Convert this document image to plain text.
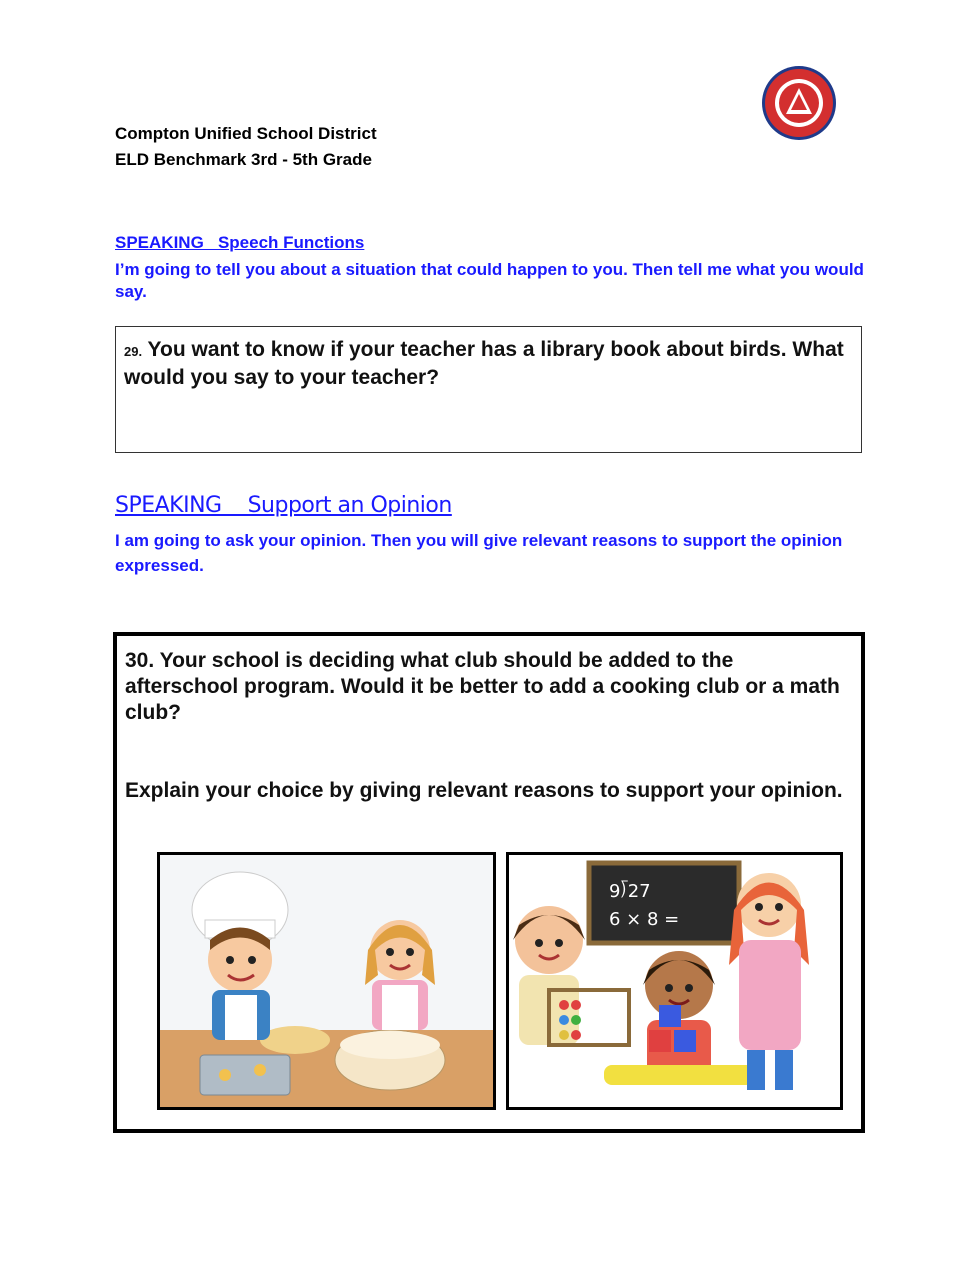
Compton Unified School District
ELD Benchmark 3rd - 5th Grade
SPEAKING   Speech Functions
I’m going to tell you about a situation that could happen to you. Then tell me what you would say.
29. You want to know if your teacher has a library book about birds. What would you say to your teacher?
SPEAKING    Support an Opinion
I am going to ask your opinion. Then you will give relevant reasons to support the opinion expressed.
30. Your school is deciding what club should be added to the afterschool program. Would it be better to add a cooking club or a math club?
Explain your choice by giving relevant reasons to support your opinion.
9⟌27
6 × 8 =
